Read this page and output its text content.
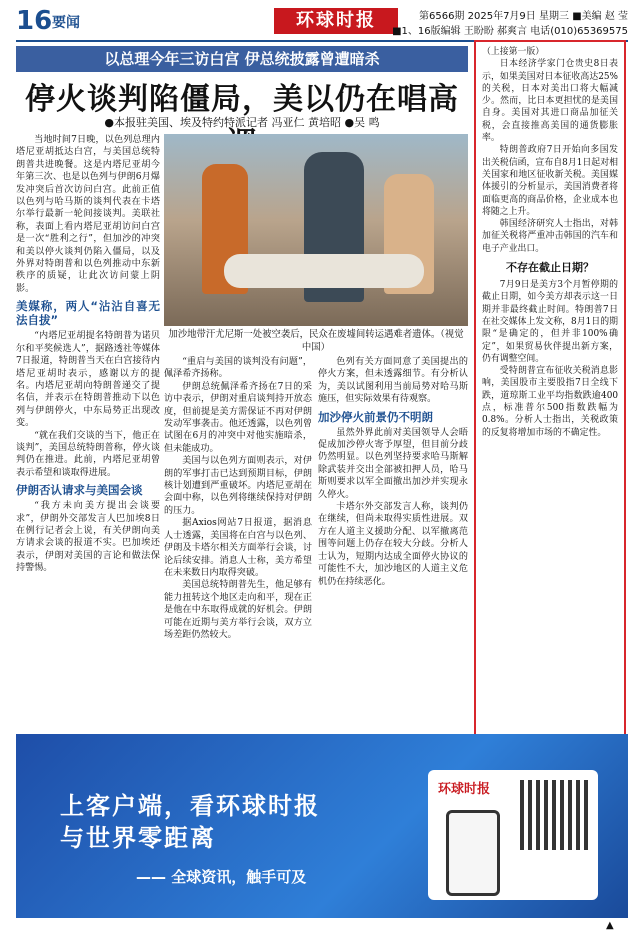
16 要闻	环球时报	第6566期 2025年7月9日 星期三 ■美编 赵 莹
■1、16版编辑 王盼盼 郝爽言 电话(010)65369575
以总理今年三访白宫 伊总统披露曾遭暗杀
停火谈判陷僵局，美以仍在唱高
●本报驻美国、埃及特约特派记者 冯亚仁 黄培昭 ●吴 鸣

当地时间7日晚，以色列总理内塔尼亚胡抵达白宫，与美国总统特朗普共进晚餐。这是内塔尼亚胡今年第三次、也是以色列与伊朗6月爆发冲突后首次访问白宫。此前正值以色列与哈马斯的谈判代表在卡塔尔举行最新一轮间接谈判。美联社称，表面上看内塔尼亚胡访问白宫是一次“胜利之行”，但加沙的冲突和美以停火谈判仍陷入僵局，以及外界对特朗普和以色列推动中东新秩序的质疑，让此次访问蒙上阴影。

美媒称，两人“沾沾自喜无法自拔”

“内塔尼亚胡提名特朗普为诺贝尔和平奖候选人”，据路透社等媒体7日报道，特朗普当天在白宫接待内塔尼亚胡时表示，感谢以方的提名。内塔尼亚胡向特朗普递交了提名信，并表示在特朗普推动下以色列与伊朗停火，中东局势正出现改变。

“就在我们交谈的当下，他正在谈判”，美国总统特朗普称，停火谈判仍在推进。此前，内塔尼亚胡曾表示希望和谈取得进展。

伊朗否认请求与美国会谈

“我方未向美方提出会谈要求”，伊朗外交部发言人巴加埃8日在例行记者会上说，有关伊朗向美方请求会谈的报道不实。巴加埃还表示，伊朗对美国的言论和做法保持警惕。

加沙地带汗尤尼斯一处被空袭后，民众在废墟间转运遇难者遗体。（视觉中国）

“重启与美国的谈判没有问题”，佩泽希齐扬称。

伊朗总统佩泽希齐扬在7日的采访中表示，伊朗对重启谈判持开放态度，但前提是美方需保证不再对伊朗发动军事袭击。他还透露，以色列曾试图在6月的冲突中对他实施暗杀，但未能成功。

美国与以色列方面则表示，对伊朗的军事打击已达到预期目标，伊朗核计划遭到严重破坏。内塔尼亚胡在会面中称，以色列将继续保持对伊朗的压力。

据Axios网站7日报道，据消息人士透露，美国将在白宫与以色列、伊朗及卡塔尔相关方面举行会谈，讨论后续安排。消息人士称，美方希望在未来数日内取得突破。

美国总统特朗普先生，他足够有能力扭转这个地区走向和平，现在正是他在中东取得成就的好机会。伊朗可能在近期与美方举行会谈，双方立场差距仍然较大。

色列有关方面同意了美国提出的停火方案，但未透露细节。有分析认为，美以试图利用当前局势对哈马斯施压，但实际效果有待观察。

加沙停火前景仍不明朗

虽然外界此前对美国领导人会晤促成加沙停火寄予厚望，但目前分歧仍然明显。以色列坚持要求哈马斯解除武装并交出全部被扣押人员，哈马斯则要求以军全面撤出加沙并实现永久停火。

卡塔尔外交部发言人称，谈判仍在继续，但尚未取得实质性进展。双方在人道主义援助分配、以军撤离范围等问题上仍存在较大分歧。分析人士认为，短期内达成全面停火协议的可能性不大，加沙地区的人道主义危机仍在持续恶化。

（上接第一版）

日本经济学家门仓贵史8日表示，如果美国对日本征收高达25%的关税，日本对美出口将大幅减少。然而，比日本更担忧的是美国自身。美国对其进口商品加征关税，会直接推高美国的通货膨胀率。

特朗普政府7日开始向多国发出关税信函，宣布自8月1日起对相关国家和地区征收新关税。美国媒体援引的分析显示，美国消费者将面临更高的商品价格，企业成本也将随之上升。

韩国经济研究人士指出，对韩加征关税将严重冲击韩国的汽车和电子产业出口。

不存在截止日期？

7月9日是美方3个月暂停期的截止日期，如今美方却表示这一日期并非最终截止时间。特朗普7日在社交媒体上发文称，8月1日的期限“是确定的，但并非100%确定”，如果贸易伙伴提出新方案，仍有调整空间。

受特朗普宣布征收关税消息影响，美国股市主要股指7日全线下跌，道琼斯工业平均指数跌逾400点，标准普尔500指数跌幅为0.8%。分析人士指出，关税政策的反复将增加市场的不确定性。

上客户端，看环球时报
与世界零距离
—— 全球资讯，触手可及
环球时报
▲
